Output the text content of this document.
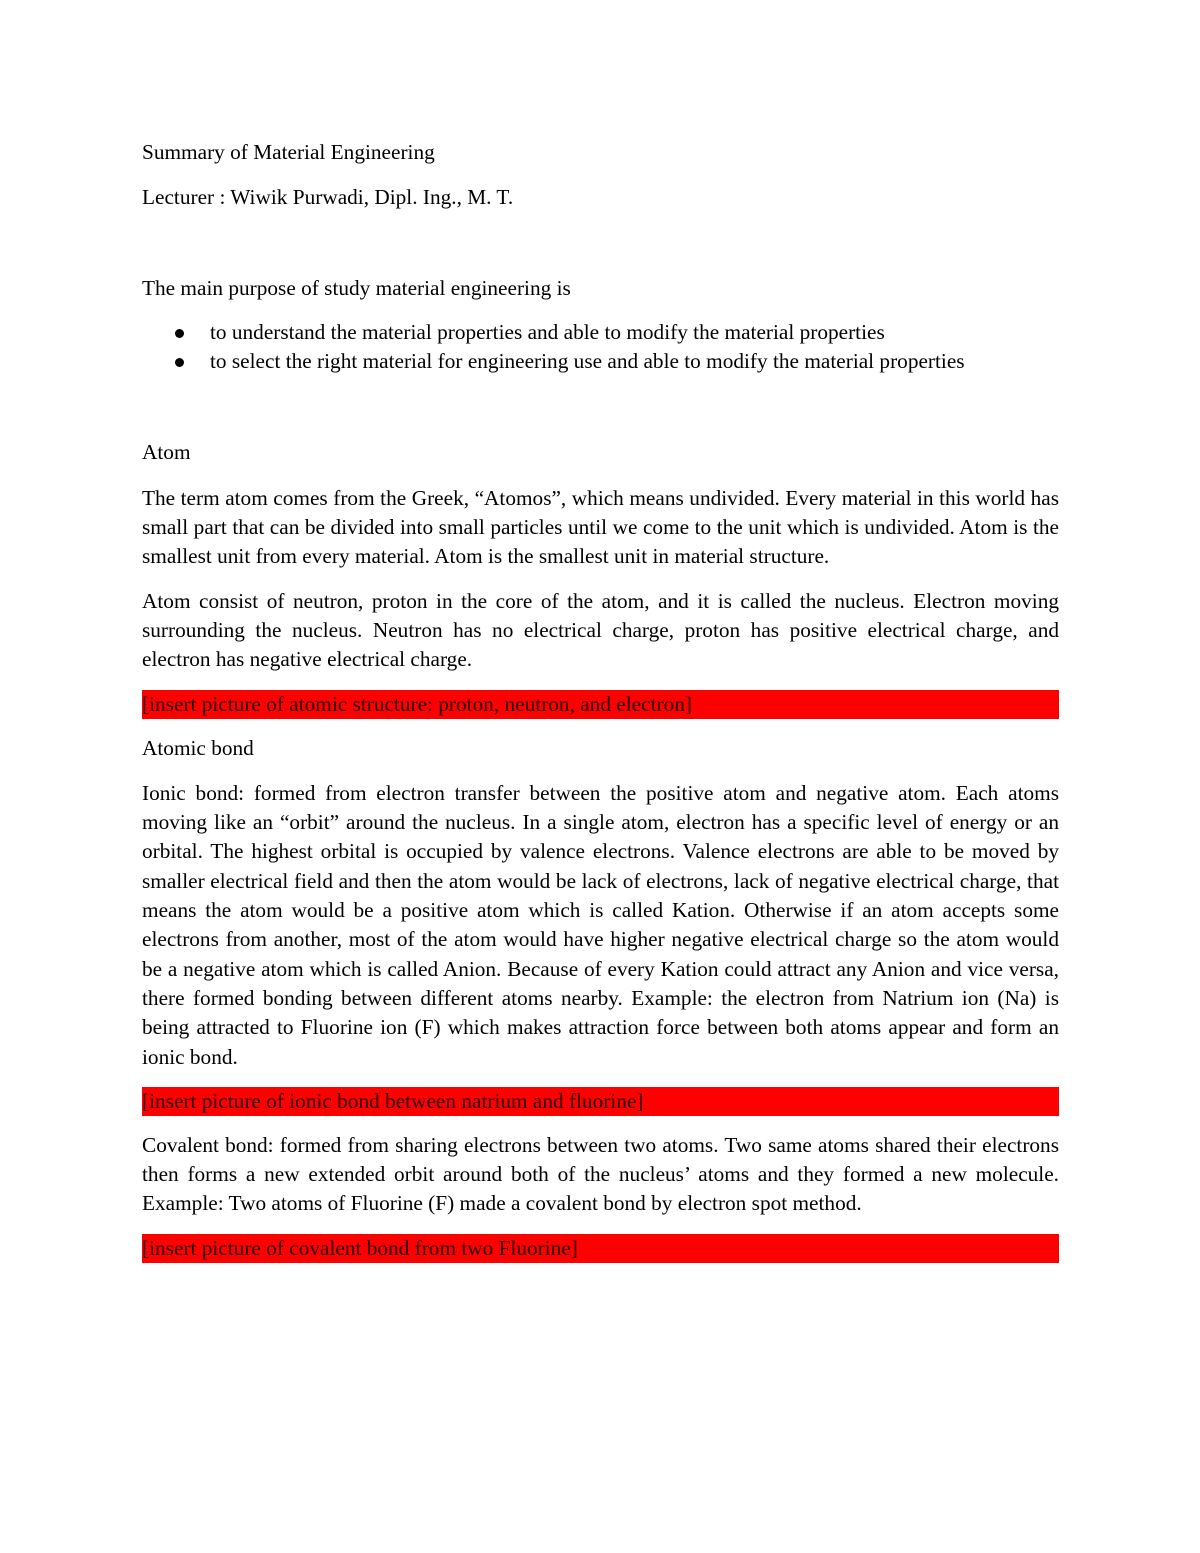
Summary of Material Engineering

Lecturer : Wiwik Purwadi, Dipl. Ing., M. T.

The main purpose of study material engineering is

to understand the material properties and able to modify the material properties
to select the right material for engineering use and able to modify the material properties

Atom

The term atom comes from the Greek, “Atomos”, which means undivided. Every material in this world has small part that can be divided into small particles until we come to the unit which is undivided. Atom is the smallest unit from every material. Atom is the smallest unit in material structure.

Atom consist of neutron, proton in the core of the atom, and it is called the nucleus. Electron moving surrounding the nucleus. Neutron has no electrical charge, proton has positive electrical charge, and electron has negative electrical charge.

[insert picture of atomic structure: proton, neutron, and electron]

Atomic bond

Ionic bond: formed from electron transfer between the positive atom and negative atom. Each atoms moving like an “orbit” around the nucleus. In a single atom, electron has a specific level of energy or an orbital. The highest orbital is occupied by valence electrons. Valence electrons are able to be moved by smaller electrical field and then the atom would be lack of electrons, lack of negative electrical charge, that means the atom would be a positive atom which is called Kation. Otherwise if an atom accepts some electrons from another, most of the atom would have higher negative electrical charge so the atom would be a negative atom which is called Anion. Because of every Kation could attract any Anion and vice versa, there formed bonding between different atoms nearby. Example: the electron from Natrium ion (Na) is being attracted to Fluorine ion (F) which makes attraction force between both atoms appear and form an ionic bond.

[insert picture of ionic bond between natrium and fluorine]

Covalent bond: formed from sharing electrons between two atoms. Two same atoms shared their electrons then forms a new extended orbit around both of the nucleus’ atoms and they formed a new molecule. Example: Two atoms of Fluorine (F) made a covalent bond by electron spot method.

[insert picture of covalent bond from two Fluorine]
